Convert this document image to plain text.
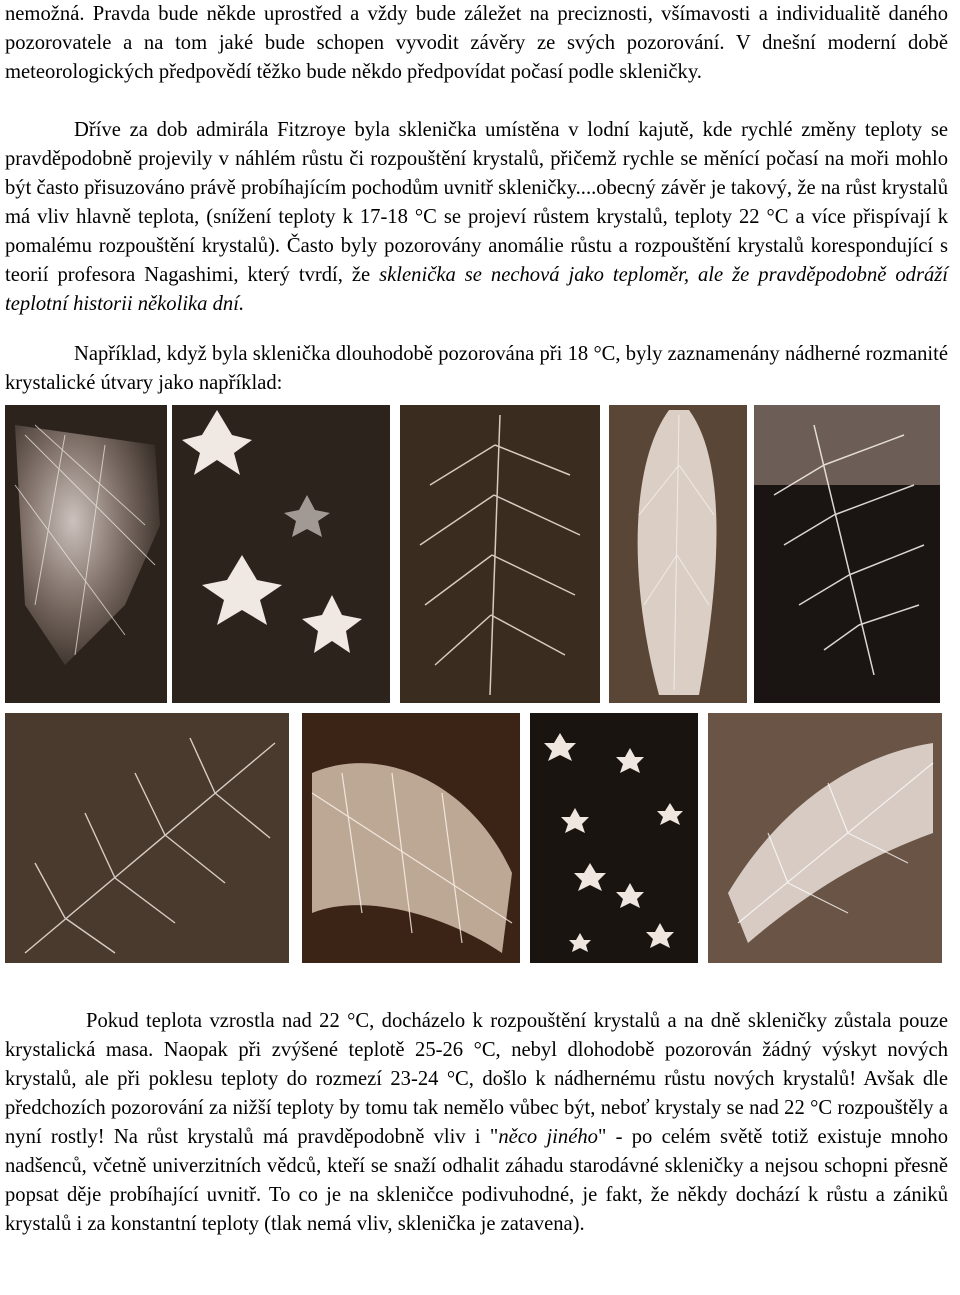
nemožná. Pravda bude někde uprostřed a vždy bude záležet na preciznosti, všímavosti a individualitě daného pozorovatele a na tom jaké bude schopen vyvodit závěry ze svých pozorování. V dnešní moderní době meteorologických předpovědí těžko bude někdo předpovídat počasí podle skleničky.

Dříve za dob admirála Fitzroye byla sklenička umístěna v lodní kajutě, kde rychlé změny teploty se pravděpodobně projevily v náhlém růstu či rozpouštění krystalů, přičemž rychle se měnící počasí na moři mohlo být často přisuzováno právě probíhajícím pochodům uvnitř skleničky....obecný závěr je takový, že na růst krystalů má vliv hlavně teplota, (snížení teploty k 17-18 °C se projeví růstem krystalů, teploty 22 °C a více přispívají k pomalému rozpouštění krystalů). Často byly pozorovány anomálie růstu a rozpouštění krystalů korespondující s teorií profesora Nagashimi, který tvrdí, že sklenička se nechová jako teploměr, ale že pravděpodobně odráží teplotní historii několika dní.

Například, když byla sklenička dlouhodobě pozorována při 18 °C, byly zaznamenány nádherné rozmanité krystalické útvary jako například:

Pokud teplota vzrostla nad 22 °C, docházelo k rozpouštění krystalů a na dně skleničky zůstala pouze krystalická masa. Naopak při zvýšené teplotě 25-26 °C, nebyl dlohodobě pozorován žádný výskyt nových krystalů, ale při poklesu teploty do rozmezí 23-24 °C, došlo k nádhernému růstu nových krystalů! Avšak dle předchozích pozorování za nižší teploty by tomu tak nemělo vůbec být, neboť krystaly se nad 22 °C rozpouštěly a nyní rostly! Na růst krystalů má pravděpodobně vliv i "něco jiného" - po celém světě totiž existuje mnoho nadšenců, včetně univerzitních vědců, kteří se snaží odhalit záhadu starodávné skleničky a nejsou schopni přesně popsat děje probíhající uvnitř. To co je na skleničce podivuhodné, je fakt, že někdy dochází k růstu a zániků krystalů i za konstantní teploty (tlak nemá vliv, sklenička je zatavena).
